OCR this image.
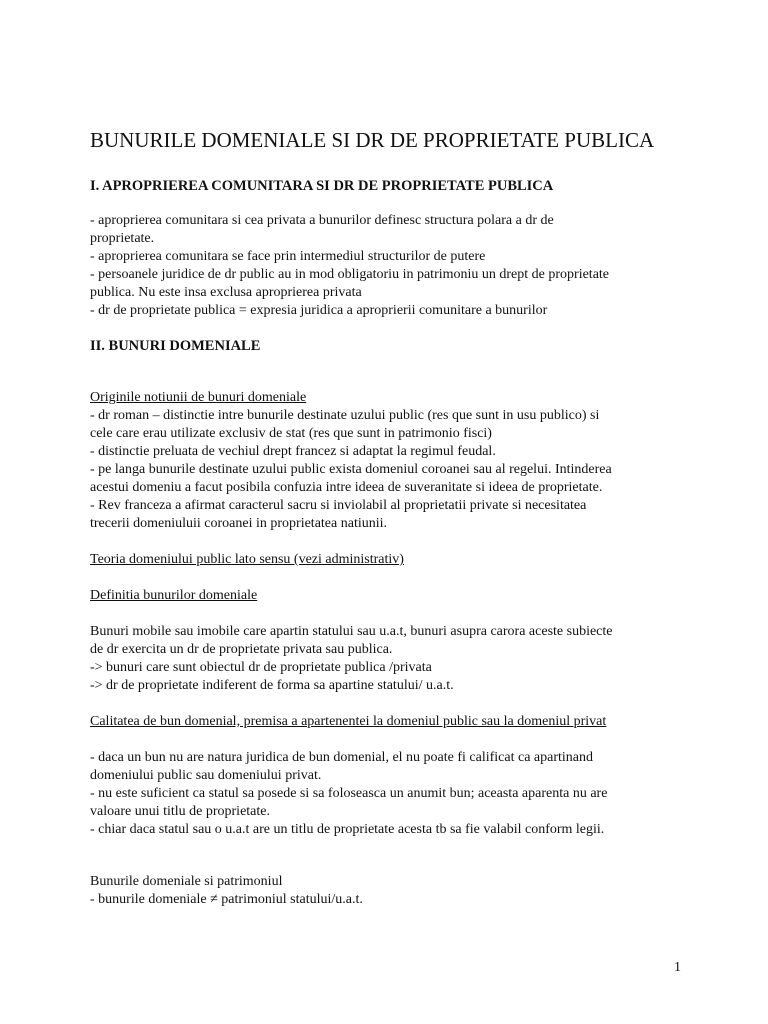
BUNURILE DOMENIALE SI DR DE PROPRIETATE PUBLICA
I. APROPRIEREA COMUNITARA SI DR DE PROPRIETATE PUBLICA
- aproprierea comunitara si cea privata a bunurilor definesc structura polara a dr de
proprietate.
- aproprierea comunitara se face prin intermediul structurilor de putere
- persoanele juridice de dr public au in mod obligatoriu in patrimoniu un drept de proprietate
publica. Nu este insa exclusa aproprierea privata
- dr de proprietate publica = expresia juridica a aproprierii comunitare a bunurilor
II. BUNURI DOMENIALE
Originile notiunii de bunuri domeniale
- dr roman – distinctie intre bunurile destinate uzului public (res que sunt in usu publico) si
cele care erau utilizate exclusiv de stat (res que sunt in patrimonio fisci)
- distinctie preluata de vechiul drept francez si adaptat la regimul feudal.
- pe langa bunurile destinate uzului public exista domeniul coroanei sau al regelui. Intinderea
acestui domeniu a facut posibila confuzia intre ideea de suveranitate si ideea de proprietate.
- Rev franceza a afirmat caracterul sacru si inviolabil al proprietatii private si necesitatea
trecerii domeniuluii coroanei in proprietatea natiunii.
Teoria domeniului public lato sensu (vezi administrativ)
Definitia bunurilor domeniale
Bunuri mobile sau imobile care apartin statului sau u.a.t, bunuri asupra carora aceste subiecte
de dr exercita un dr de proprietate privata sau publica.
-> bunuri care sunt obiectul dr de proprietate publica /privata
-> dr de proprietate indiferent de forma sa apartine statului/ u.a.t.
Calitatea de bun domenial, premisa a apartenentei la domeniul public sau la domeniul privat
- daca un bun nu are natura juridica de bun domenial, el nu poate fi calificat ca apartinand
domeniului public sau domeniului privat.
- nu este suficient ca statul sa posede si sa foloseasca un anumit bun; aceasta aparenta nu are
valoare unui titlu de proprietate.
- chiar daca statul sau o u.a.t are un titlu de proprietate acesta tb sa fie valabil conform legii.
Bunurile domeniale si patrimoniul
- bunurile domeniale ≠ patrimoniul statului/u.a.t.
1
